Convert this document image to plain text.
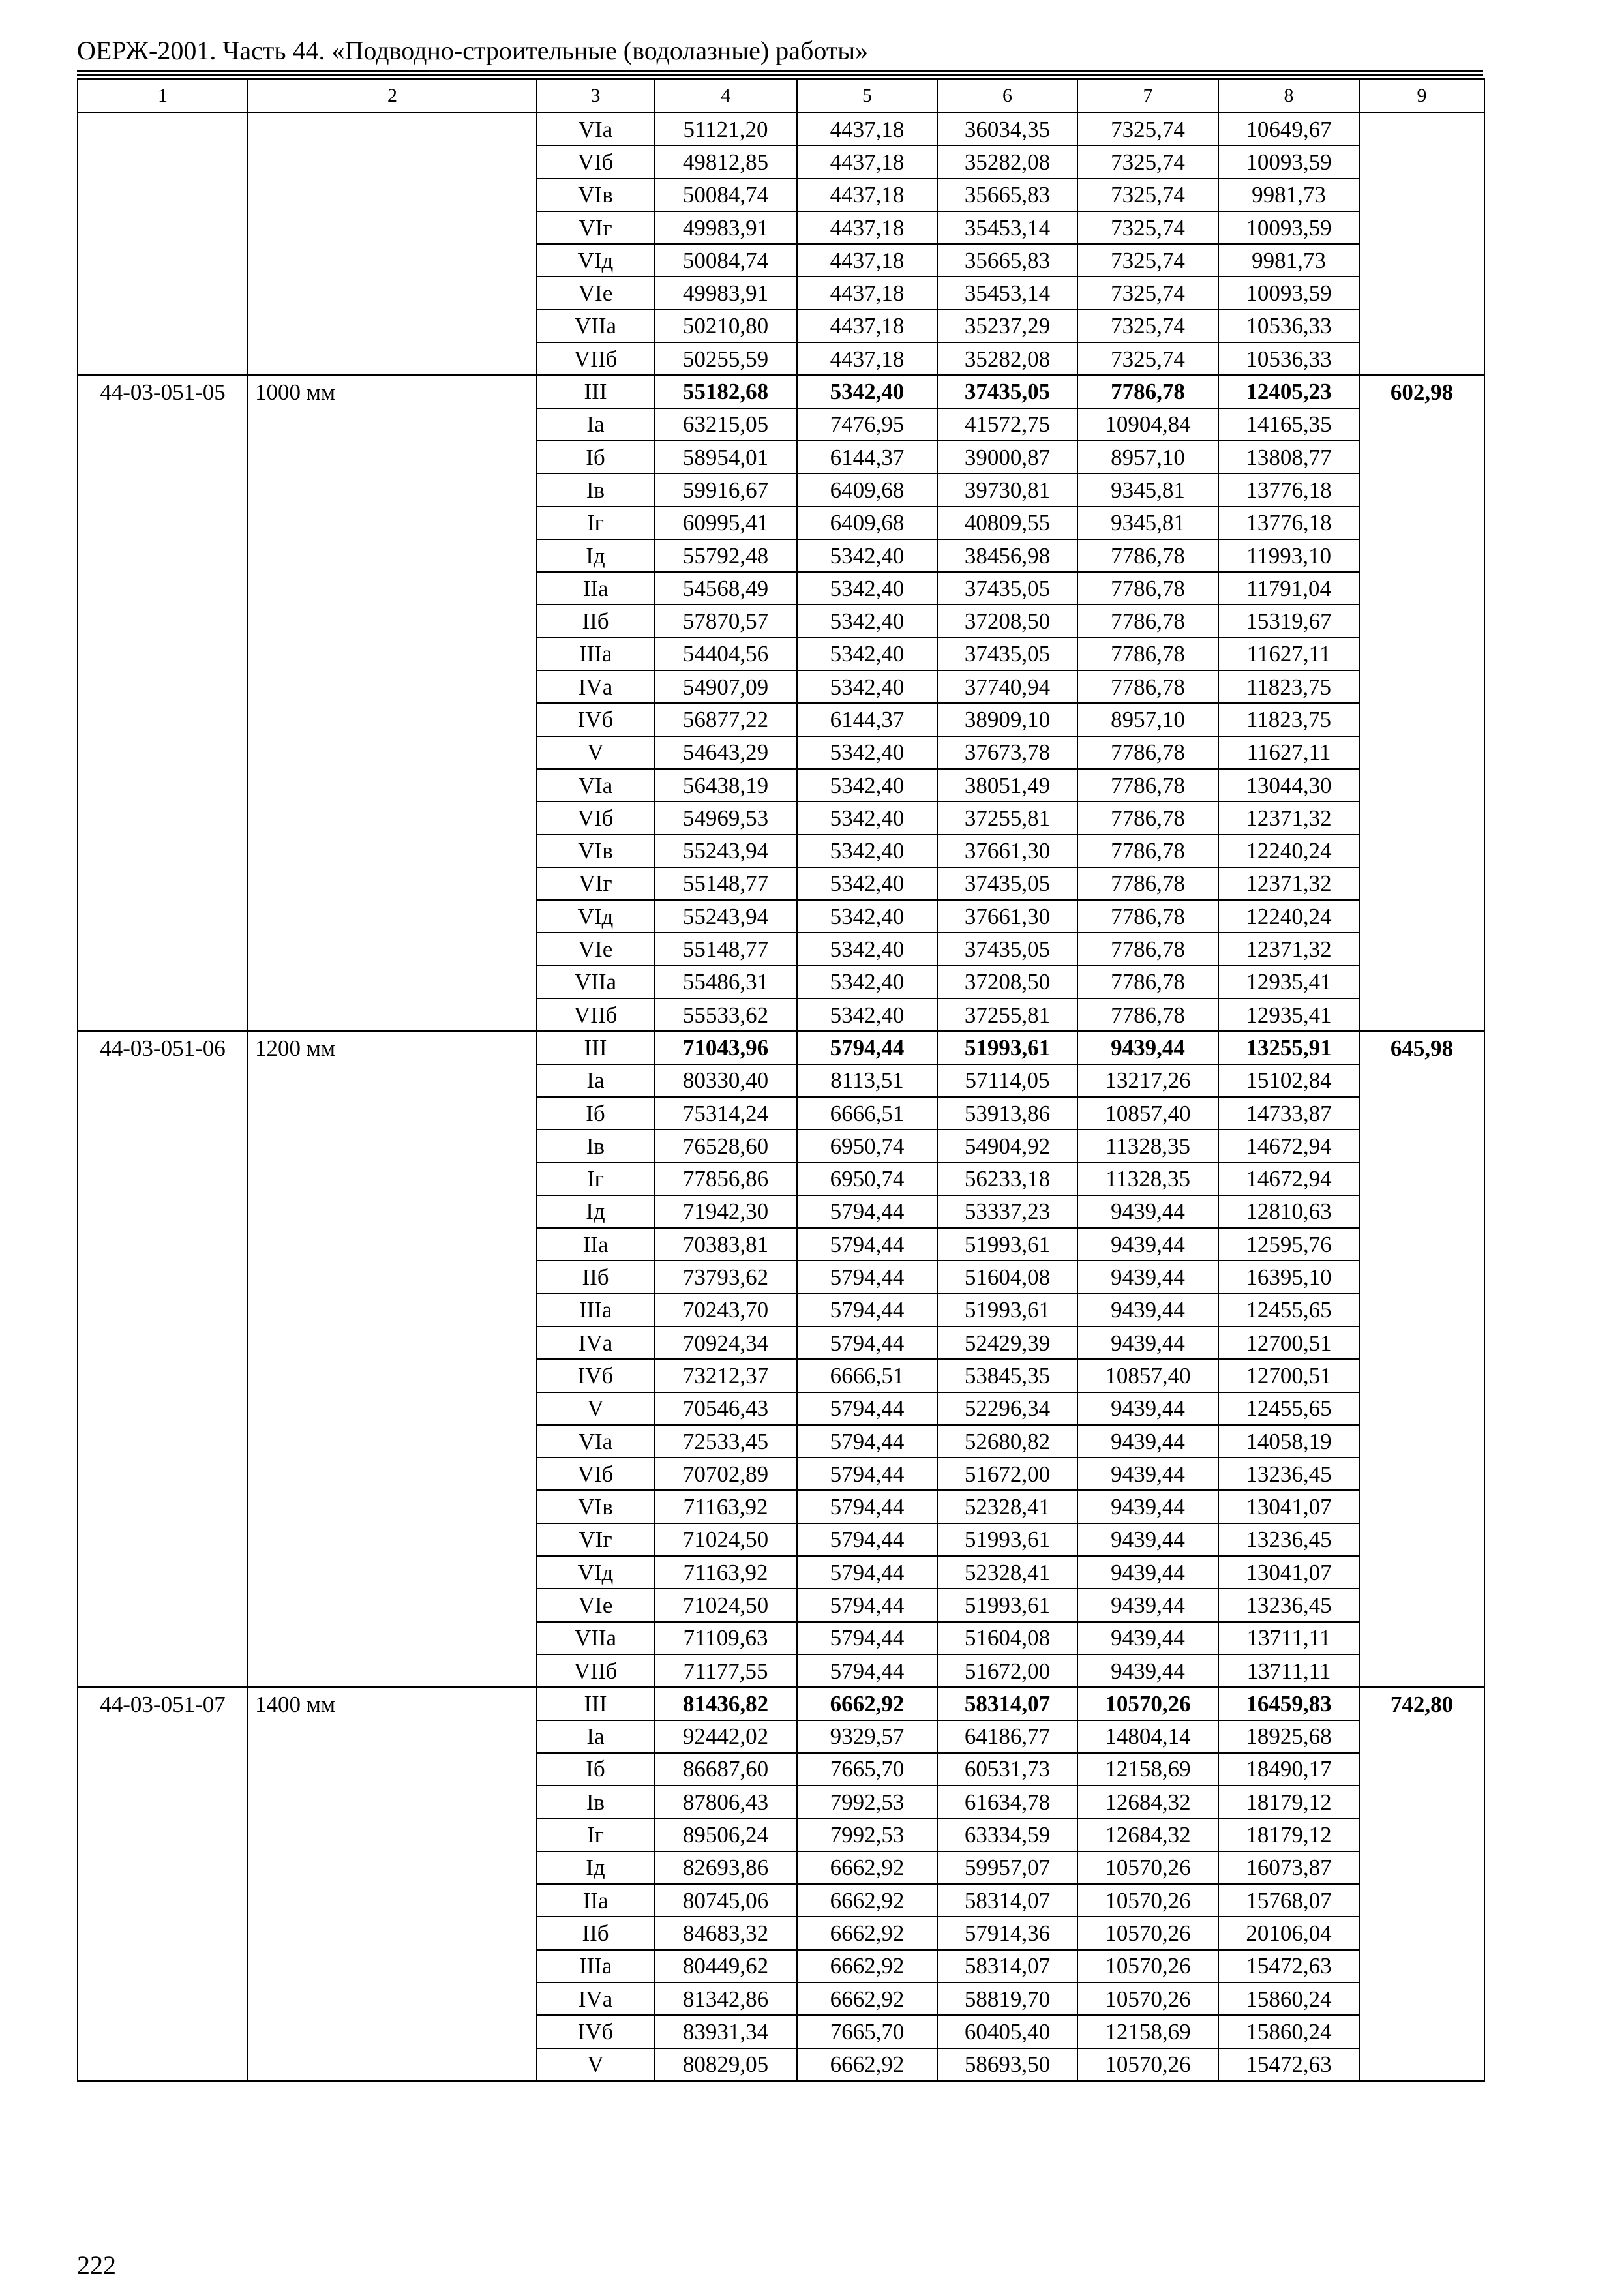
ОЕРЖ-2001. Часть 44. «Подводно-строительные (водолазные) работы»
1	2	3	4	5	6	7	8	9
		VIа	51121,20	4437,18	36034,35	7325,74	10649,67	
		VIб	49812,85	4437,18	35282,08	7325,74	10093,59	
		VIв	50084,74	4437,18	35665,83	7325,74	9981,73	
		VIг	49983,91	4437,18	35453,14	7325,74	10093,59	
		VIд	50084,74	4437,18	35665,83	7325,74	9981,73	
		VIе	49983,91	4437,18	35453,14	7325,74	10093,59	
		VIIа	50210,80	4437,18	35237,29	7325,74	10536,33	
		VIIб	50255,59	4437,18	35282,08	7325,74	10536,33	
44-03-051-05	1000 мм	III	55182,68	5342,40	37435,05	7786,78	12405,23	602,98
		Iа	63215,05	7476,95	41572,75	10904,84	14165,35	
		Iб	58954,01	6144,37	39000,87	8957,10	13808,77	
		Iв	59916,67	6409,68	39730,81	9345,81	13776,18	
		Iг	60995,41	6409,68	40809,55	9345,81	13776,18	
		Iд	55792,48	5342,40	38456,98	7786,78	11993,10	
		IIа	54568,49	5342,40	37435,05	7786,78	11791,04	
		IIб	57870,57	5342,40	37208,50	7786,78	15319,67	
		IIIа	54404,56	5342,40	37435,05	7786,78	11627,11	
		IVа	54907,09	5342,40	37740,94	7786,78	11823,75	
		IVб	56877,22	6144,37	38909,10	8957,10	11823,75	
		V	54643,29	5342,40	37673,78	7786,78	11627,11	
		VIа	56438,19	5342,40	38051,49	7786,78	13044,30	
		VIб	54969,53	5342,40	37255,81	7786,78	12371,32	
		VIв	55243,94	5342,40	37661,30	7786,78	12240,24	
		VIг	55148,77	5342,40	37435,05	7786,78	12371,32	
		VIд	55243,94	5342,40	37661,30	7786,78	12240,24	
		VIе	55148,77	5342,40	37435,05	7786,78	12371,32	
		VIIа	55486,31	5342,40	37208,50	7786,78	12935,41	
		VIIб	55533,62	5342,40	37255,81	7786,78	12935,41	
44-03-051-06	1200 мм	III	71043,96	5794,44	51993,61	9439,44	13255,91	645,98
		Iа	80330,40	8113,51	57114,05	13217,26	15102,84	
		Iб	75314,24	6666,51	53913,86	10857,40	14733,87	
		Iв	76528,60	6950,74	54904,92	11328,35	14672,94	
		Iг	77856,86	6950,74	56233,18	11328,35	14672,94	
		Iд	71942,30	5794,44	53337,23	9439,44	12810,63	
		IIа	70383,81	5794,44	51993,61	9439,44	12595,76	
		IIб	73793,62	5794,44	51604,08	9439,44	16395,10	
		IIIа	70243,70	5794,44	51993,61	9439,44	12455,65	
		IVа	70924,34	5794,44	52429,39	9439,44	12700,51	
		IVб	73212,37	6666,51	53845,35	10857,40	12700,51	
		V	70546,43	5794,44	52296,34	9439,44	12455,65	
		VIа	72533,45	5794,44	52680,82	9439,44	14058,19	
		VIб	70702,89	5794,44	51672,00	9439,44	13236,45	
		VIв	71163,92	5794,44	52328,41	9439,44	13041,07	
		VIг	71024,50	5794,44	51993,61	9439,44	13236,45	
		VIд	71163,92	5794,44	52328,41	9439,44	13041,07	
		VIе	71024,50	5794,44	51993,61	9439,44	13236,45	
		VIIа	71109,63	5794,44	51604,08	9439,44	13711,11	
		VIIб	71177,55	5794,44	51672,00	9439,44	13711,11	
44-03-051-07	1400 мм	III	81436,82	6662,92	58314,07	10570,26	16459,83	742,80
		Iа	92442,02	9329,57	64186,77	14804,14	18925,68	
		Iб	86687,60	7665,70	60531,73	12158,69	18490,17	
		Iв	87806,43	7992,53	61634,78	12684,32	18179,12	
		Iг	89506,24	7992,53	63334,59	12684,32	18179,12	
		Iд	82693,86	6662,92	59957,07	10570,26	16073,87	
		IIа	80745,06	6662,92	58314,07	10570,26	15768,07	
		IIб	84683,32	6662,92	57914,36	10570,26	20106,04	
		IIIа	80449,62	6662,92	58314,07	10570,26	15472,63	
		IVа	81342,86	6662,92	58819,70	10570,26	15860,24	
		IVб	83931,34	7665,70	60405,40	12158,69	15860,24	
		V	80829,05	6662,92	58693,50	10570,26	15472,63	
222
